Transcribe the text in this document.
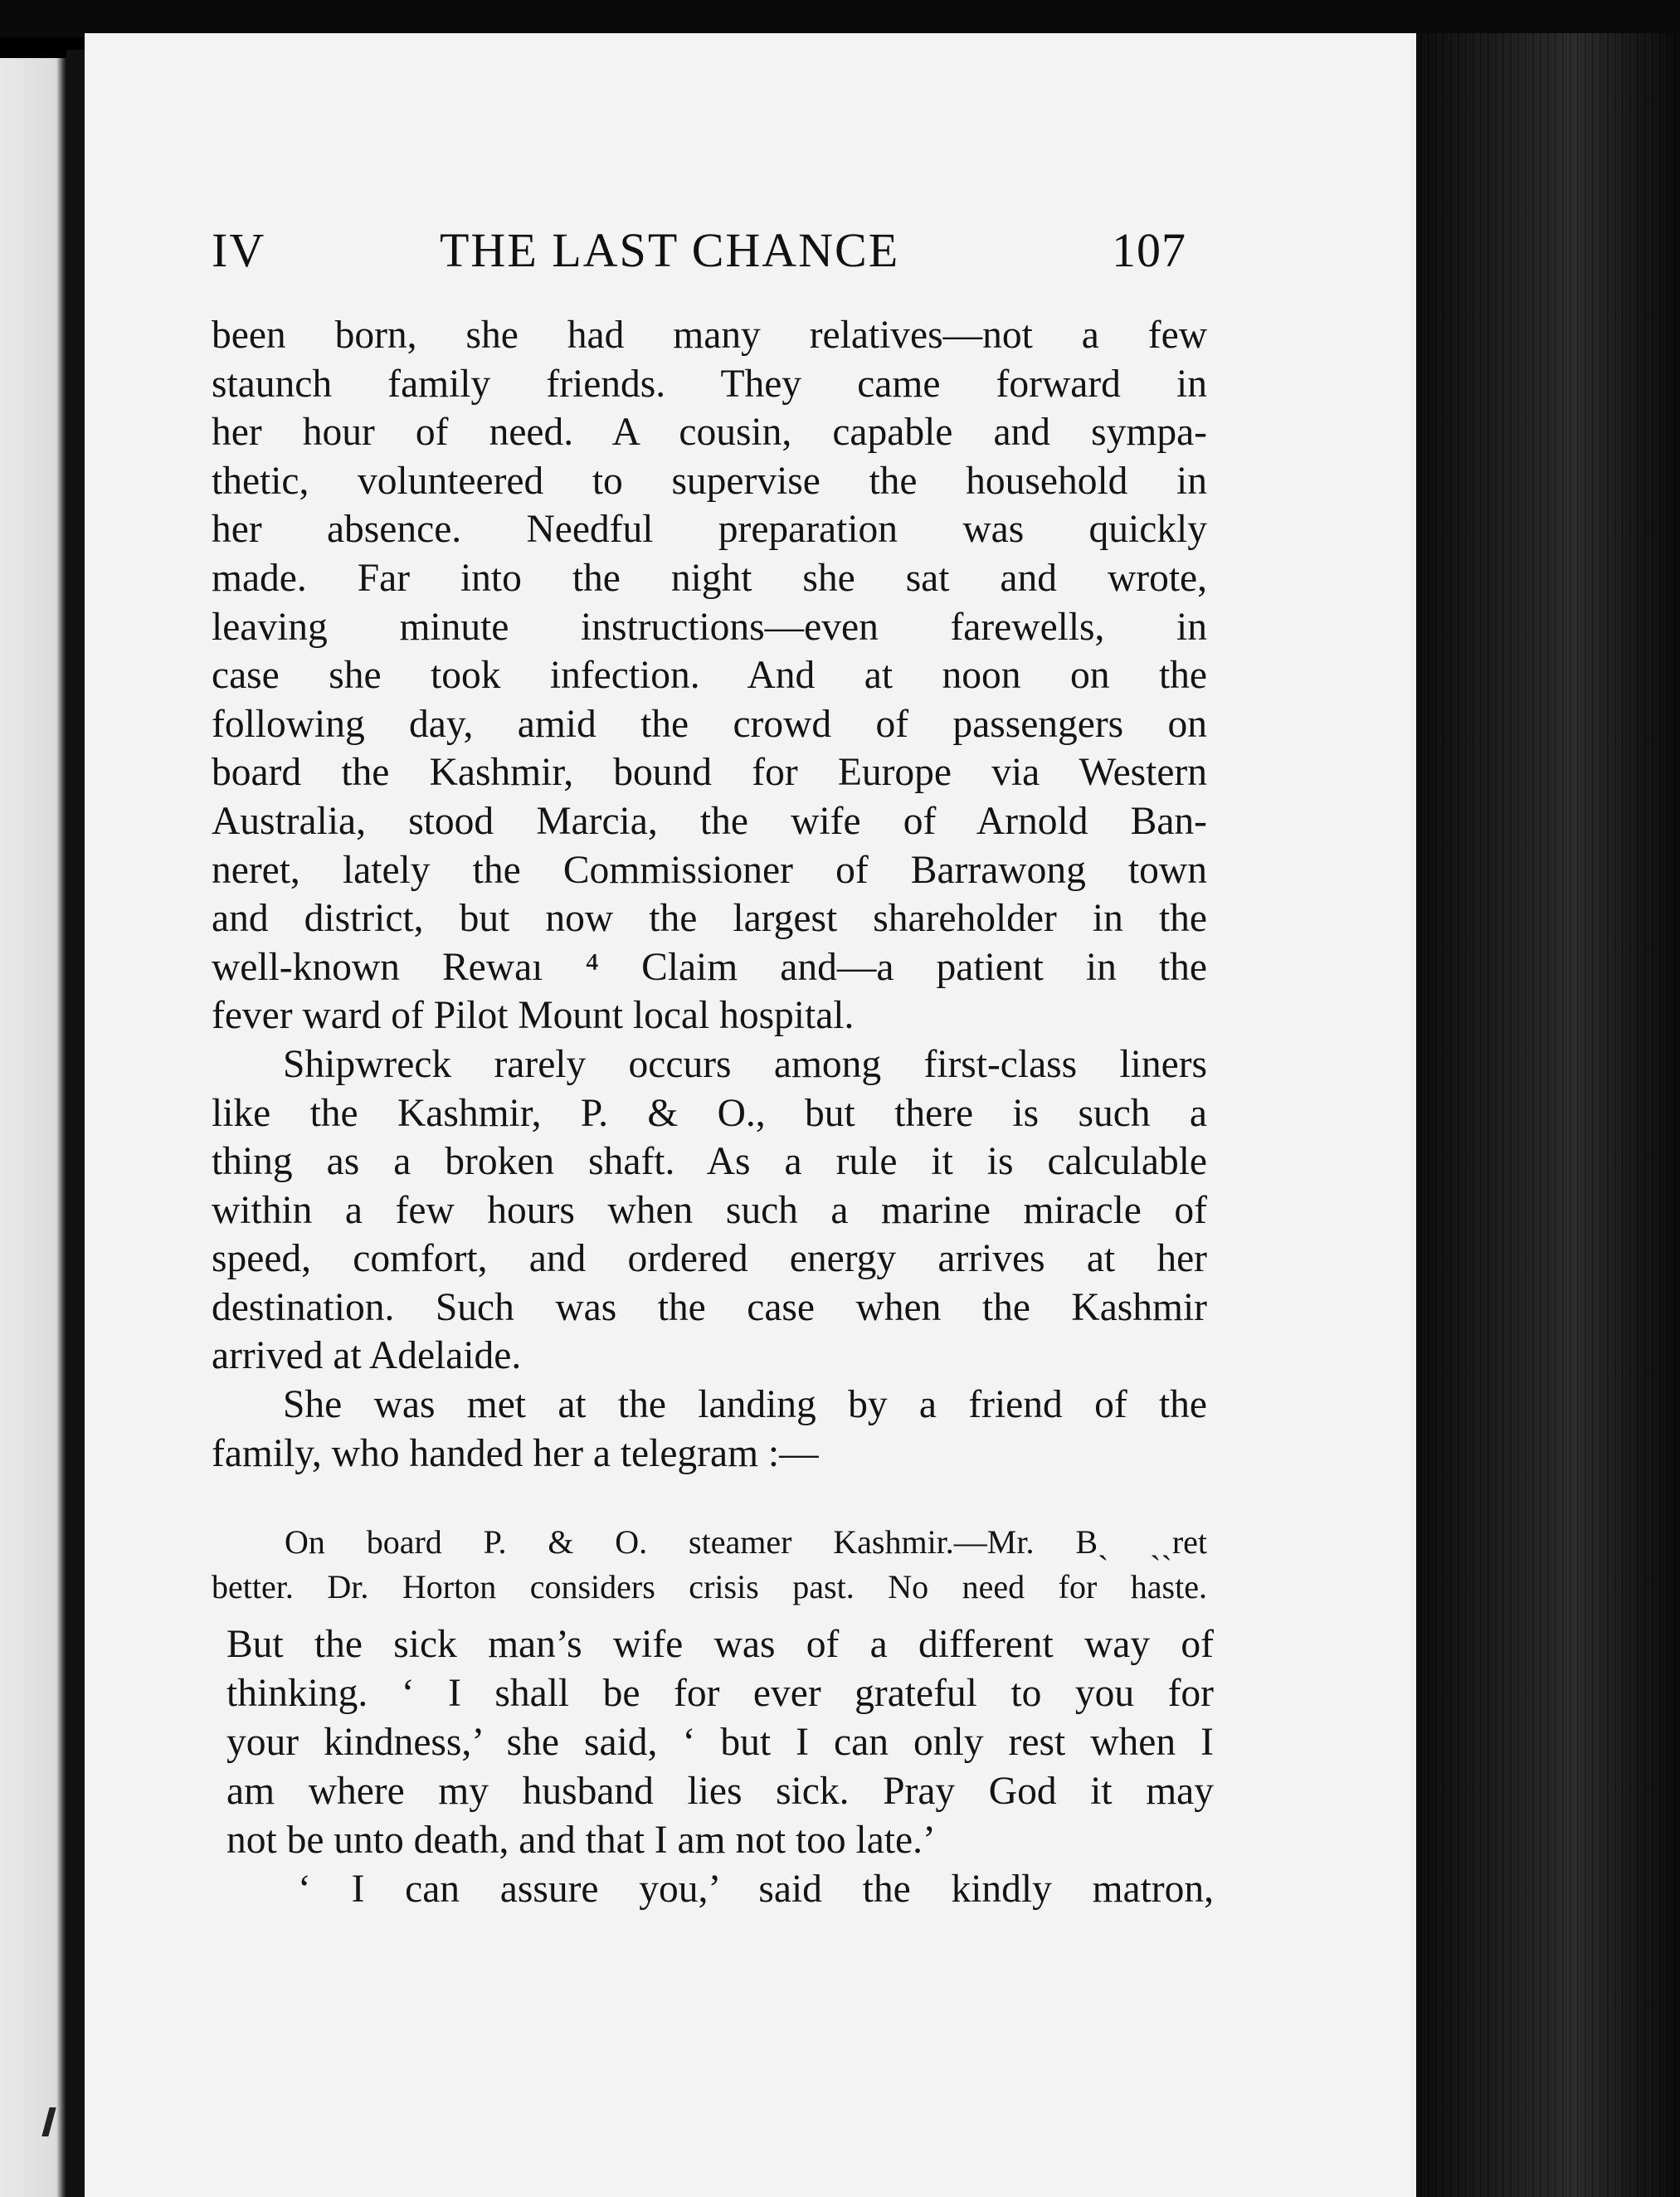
IV	THE LAST CHANCE	107
been born, she had many relatives—not a few
staunch family friends. They came forward in
her hour of need. A cousin, capable and sympa-
thetic, volunteered to supervise the household in
her absence. Needful preparation was quickly
made. Far into the night she sat and wrote,
leaving minute instructions—even farewells, in
case she took infection. And at noon on the
following day, amid the crowd of passengers on
board the Kashmir, bound for Europe via Western
Australia, stood Marcia, the wife of Arnold Ban-
neret, lately the Commissioner of Barrawong town
and district, but now the largest shareholder in the
well-known Rewaı ⁴ Claim and—a patient in the
fever ward of Pilot Mount local hospital.
Shipwreck rarely occurs among first-class liners
like the Kashmir, P. & O., but there is such a
thing as a broken shaft. As a rule it is calculable
within a few hours when such a marine miracle of
speed, comfort, and ordered energy arrives at her
destination. Such was the case when the Kashmir
arrived at Adelaide.
She was met at the landing by a friend of the
family, who handed her a telegram :—
On board P. & O. steamer Kashmir.—Mr. Bˎ ˎˎret
better. Dr. Horton considers crisis past. No need for haste.
But the sick man’s wife was of a different way of
thinking. ‘ I shall be for ever grateful to you for
your kindness,’ she said, ‘ but I can only rest when I
am where my husband lies sick. Pray God it may
not be unto death, and that I am not too late.’
‘ I can assure you,’ said the kindly matron,
